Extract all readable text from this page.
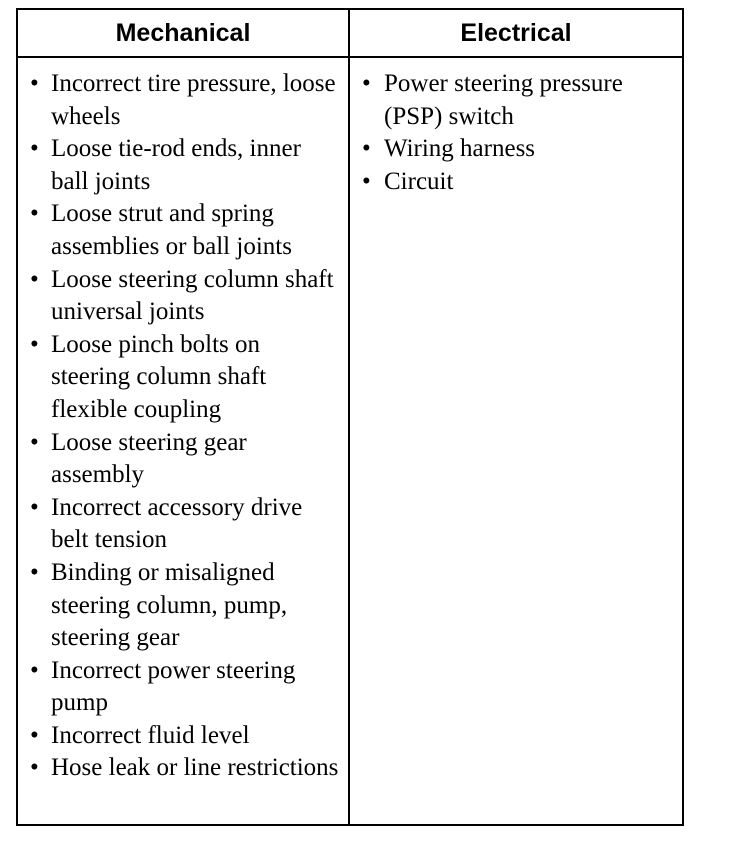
Mechanical	Electrical
• Incorrect tire pressure, loose wheels
• Loose tie-rod ends, inner ball joints
• Loose strut and spring assemblies or ball joints
• Loose steering column shaft universal joints
• Loose pinch bolts on steering column shaft flexible coupling
• Loose steering gear assembly
• Incorrect accessory drive belt tension
• Binding or misaligned steering column, pump, steering gear
• Incorrect power steering pump
• Incorrect fluid level
• Hose leak or line restrictions
• Power steering pressure (PSP) switch
• Wiring harness
• Circuit
